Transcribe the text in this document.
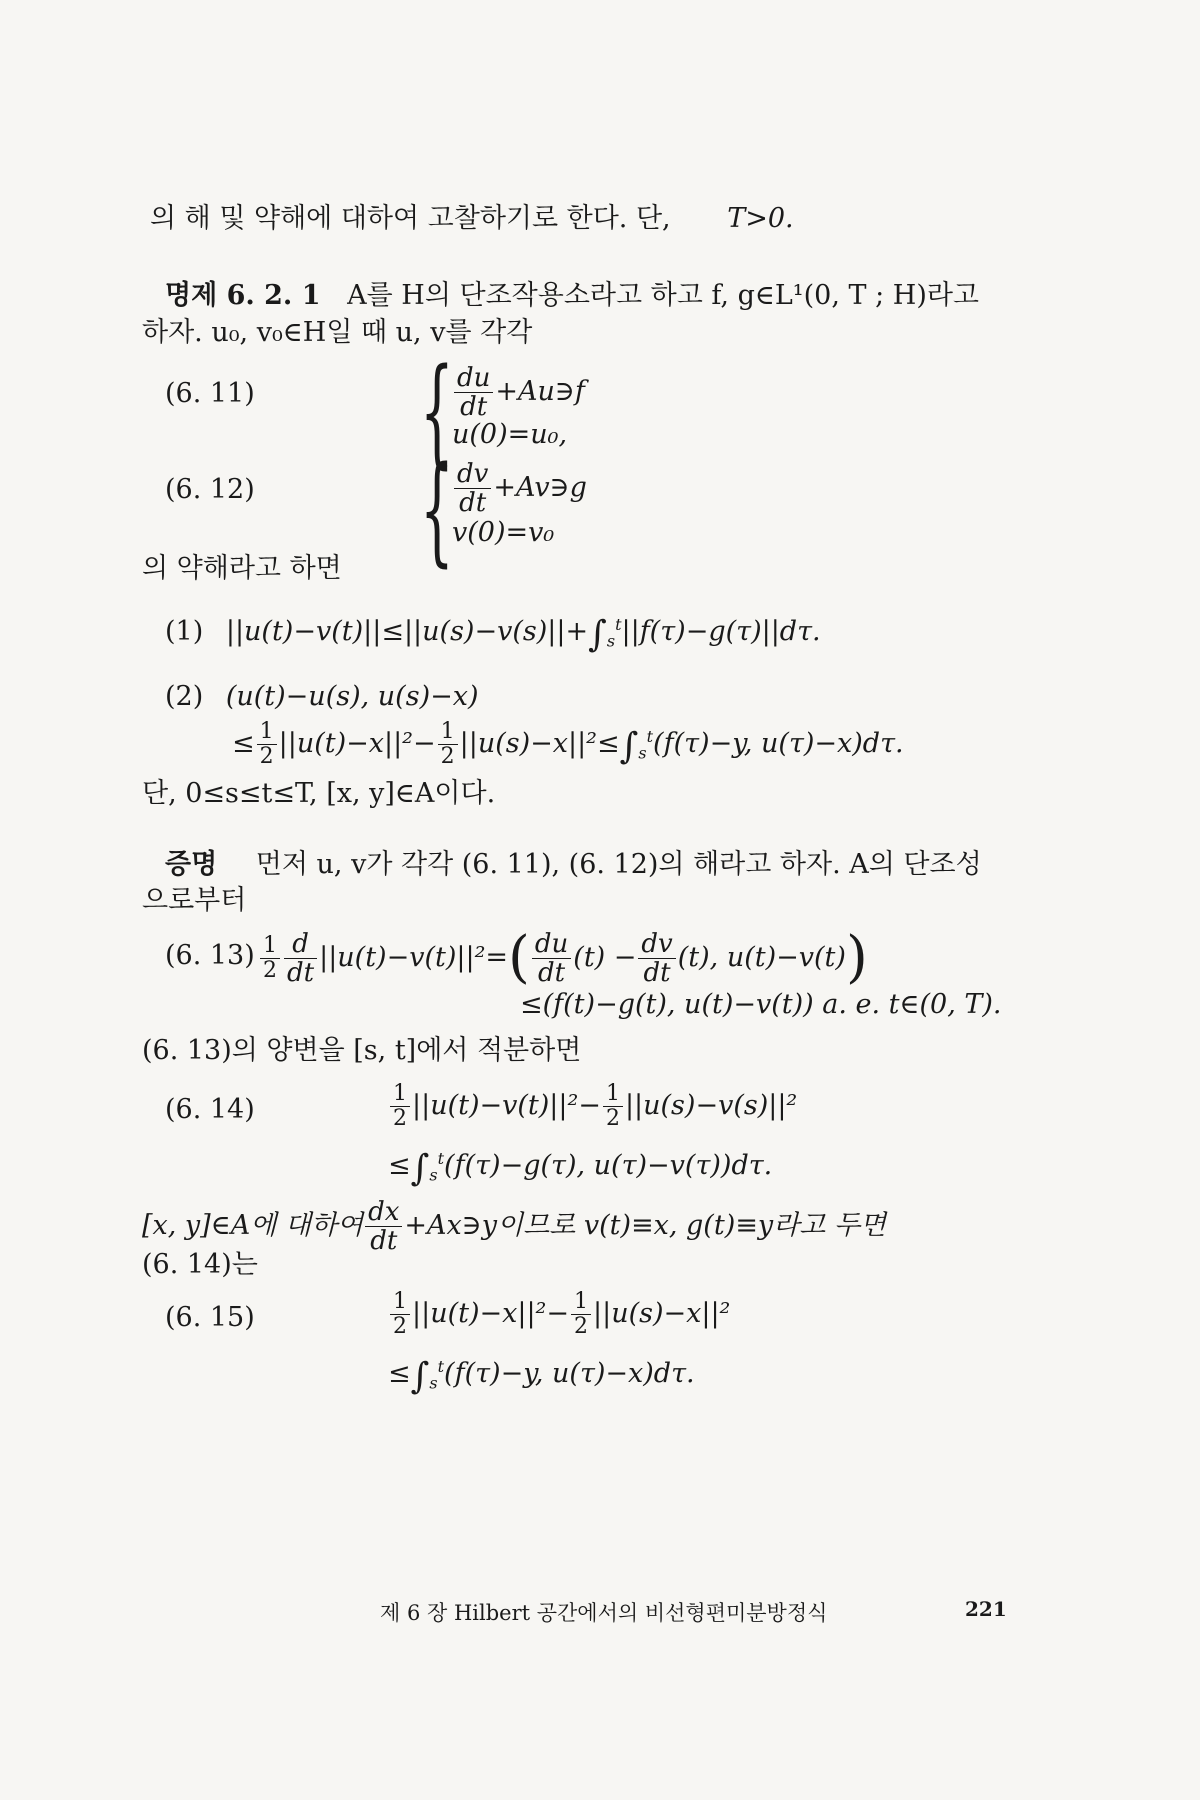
의 해 및 약해에 대하여 고찰하기로 한다. 단, T>0.
명제 6. 2. 1 A를 H의 단조작용소라고 하고 f, g∈L¹(0, T ; H)라고
하자. u₀, v₀∈H일 때 u, v를 각각
(6. 11) { $\frac{du}{dt}$ +Au∋f
u(0)=u₀,
(6. 12) { $\frac{dv}{dt}$ +Av∋g
v(0)=v₀
의 약해라고 하면
(1) $||u(t)-v(t)||\le||u(s)-v(s)||+\int_s^t||f(\tau)-g(\tau)||d\tau$.
(2) (u(t)−u(s), u(s)−x)
≤ $\frac{1}{2} ||u(t)-x||^2- \frac{1}{2} ||u(s)-x||^2\le\int_s^t(f(\tau)-y$, u(τ)−x)dτ.
단, 0≤s≤t≤T, [x, y]∈A이다.
증명 먼저 u, v가 각각 (6. 11), (6. 12)의 해라고 하자. A의 단조성
으로부터
(6. $13) \frac{1}{2} \frac{d}{dt} ||u(t)-v(t)||^2=( \frac{du}{dt} (t) - \frac{dv}{dt} (t)$, u(t)−v(t))
≤(f(t)−g(t), u(t)−v(t)) a. e. t∈(0, T).
(6. 13)의 양변을 [s, t]에서 적분하면
(6. 14)	$\frac{1}{2} ||u(t)-v(t)||^2- \frac{1}{2} ||u(s)-v(s)||^2$
$\le\int_s^t(f(\tau)-g(\tau)$, u(τ)−v(τ))dτ.
[x, y]∈A에 대하여 $\frac{dx}{dt}$ +Ax∋y이므로 v(t)≡x, g(t)≡y라고 두면
(6. 14)는
(6. 15)	$\frac{1}{2} ||u(t)-x||^2- \frac{1}{2} ||u(s)-x||^2$
$\le\int_s^t(f(\tau)-y$, u(τ)−x)dτ.
제 6 장 Hilbert 공간에서의 비선형편미분방정식	221
